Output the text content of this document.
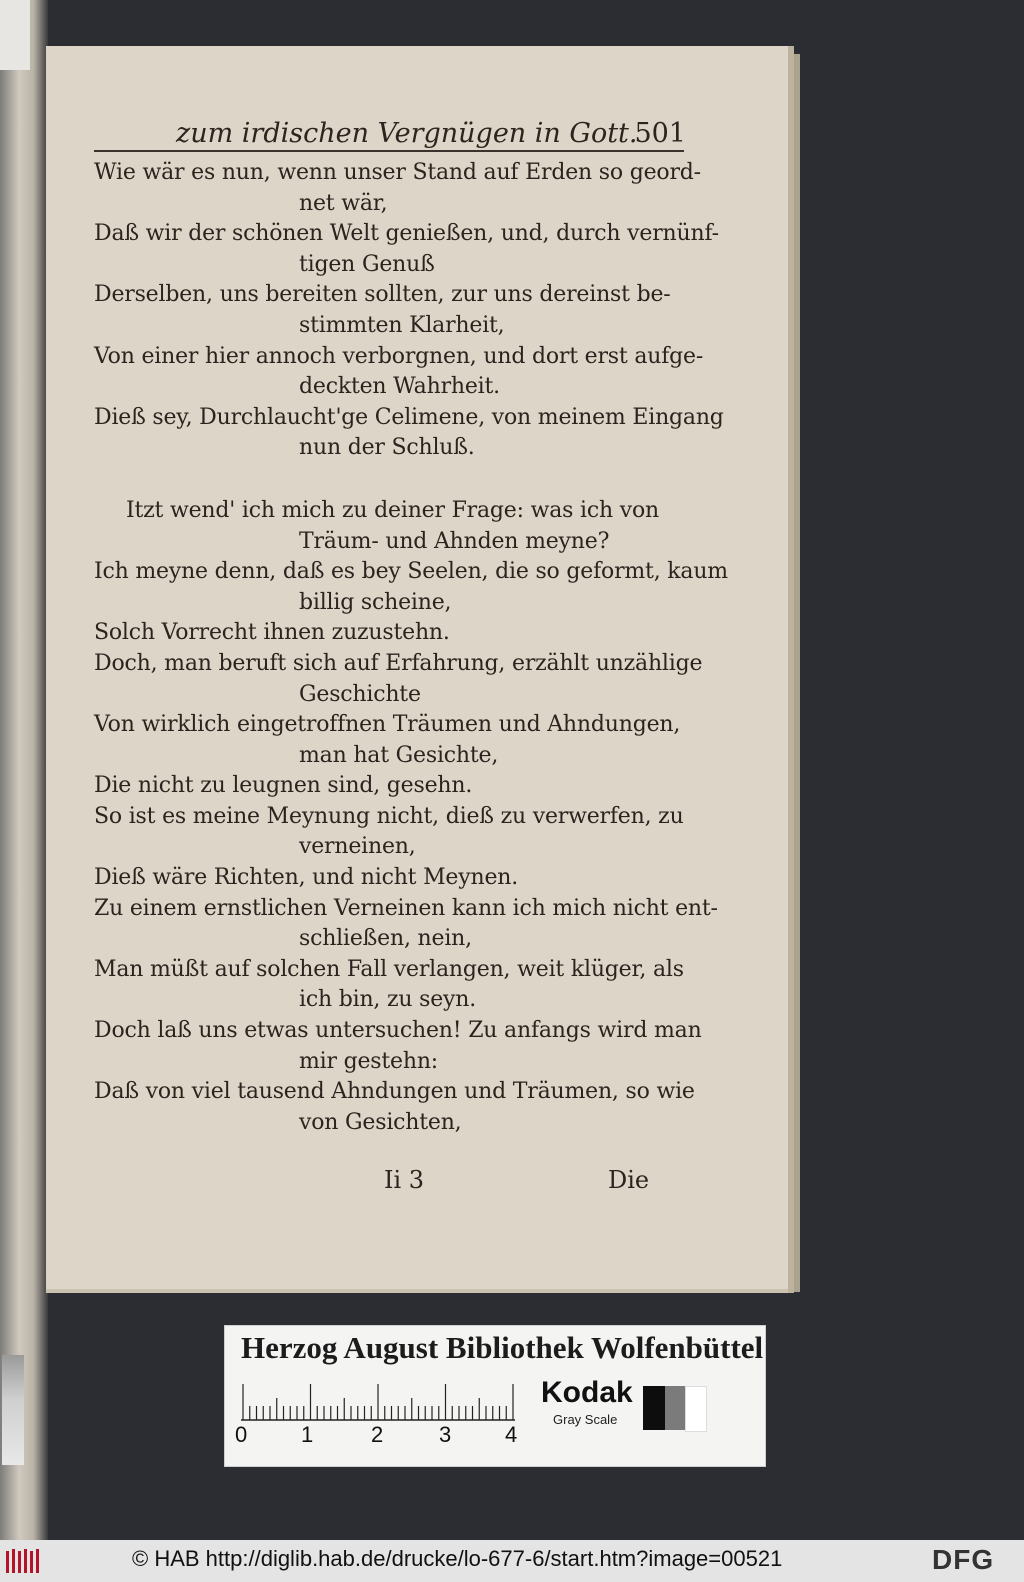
zum irdischen Vergnügen in Gott.
501
Wie wär es nun, wenn unser Stand auf Erden so geord-
net wär,
Daß wir der schönen Welt genießen, und, durch vernünf-
tigen Genuß
Derselben, uns bereiten sollten, zur uns dereinst be-
stimmten Klarheit,
Von einer hier annoch verborgnen, und dort erst aufge-
deckten Wahrheit.
Dieß sey, Durchlaucht'ge Celimene, von meinem Eingang
nun der Schluß.
Itzt wend' ich mich zu deiner Frage: was ich von
Träum- und Ahnden meyne?
Ich meyne denn, daß es bey Seelen, die so geformt, kaum
billig scheine,
Solch Vorrecht ihnen zuzustehn.
Doch, man beruft sich auf Erfahrung, erzählt unzählige
Geschichte
Von wirklich eingetroffnen Träumen und Ahndungen,
man hat Gesichte,
Die nicht zu leugnen sind, gesehn.
So ist es meine Meynung nicht, dieß zu verwerfen, zu
verneinen,
Dieß wäre Richten, und nicht Meynen.
Zu einem ernstlichen Verneinen kann ich mich nicht ent-
schließen, nein,
Man müßt auf solchen Fall verlangen, weit klüger, als
ich bin, zu seyn.
Doch laß uns etwas untersuchen! Zu anfangs wird man
mir gestehn:
Daß von viel tausend Ahndungen und Träumen, so wie
von Gesichten,
Ii 3	Die
Herzog August Bibliothek Wolfenbüttel
0 1	2	3 4
Kodak
Gray Scale
© HAB http://diglib.hab.de/drucke/lo-677-6/start.htm?image=00521	DFG
